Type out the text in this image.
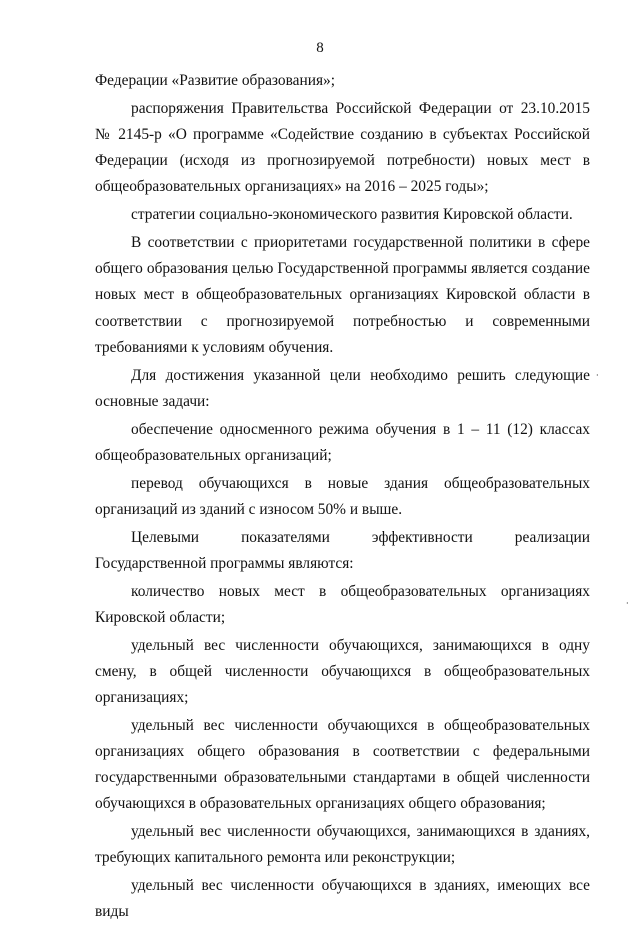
8

Федерации «Развитие образования»;

распоряжения Правительства Российской Федерации от 23.10.2015 № 2145-р «О программе «Содействие созданию в субъектах Российской Федерации (исходя из прогнозируемой потребности) новых мест в общеобразовательных организациях» на 2016 – 2025 годы»;

стратегии социально-экономического развития Кировской области.

В соответствии с приоритетами государственной политики в сфере общего образования целью Государственной программы является создание новых мест в общеобразовательных организациях Кировской области в соответствии с прогнозируемой потребностью и современными требованиями к условиям обучения.

Для достижения указанной цели необходимо решить следующие основные задачи:

обеспечение односменного режима обучения в 1 – 11 (12) классах общеобразовательных организаций;

перевод обучающихся в новые здания общеобразовательных организаций из зданий с износом 50% и выше.

Целевыми показателями эффективности реализации Государственной программы являются:

количество новых мест в общеобразовательных организациях Кировской области;

удельный вес численности обучающихся, занимающихся в одну смену, в общей численности обучающихся в общеобразовательных организациях;

удельный вес численности обучающихся в общеобразовательных организациях общего образования в соответствии с федеральными государственными образовательными стандартами в общей численности обучающихся в образовательных организациях общего образования;

удельный вес численности обучающихся, занимающихся в зданиях, требующих капитального ремонта или реконструкции;

удельный вес численности обучающихся в зданиях, имеющих все виды

⸳
⸳
